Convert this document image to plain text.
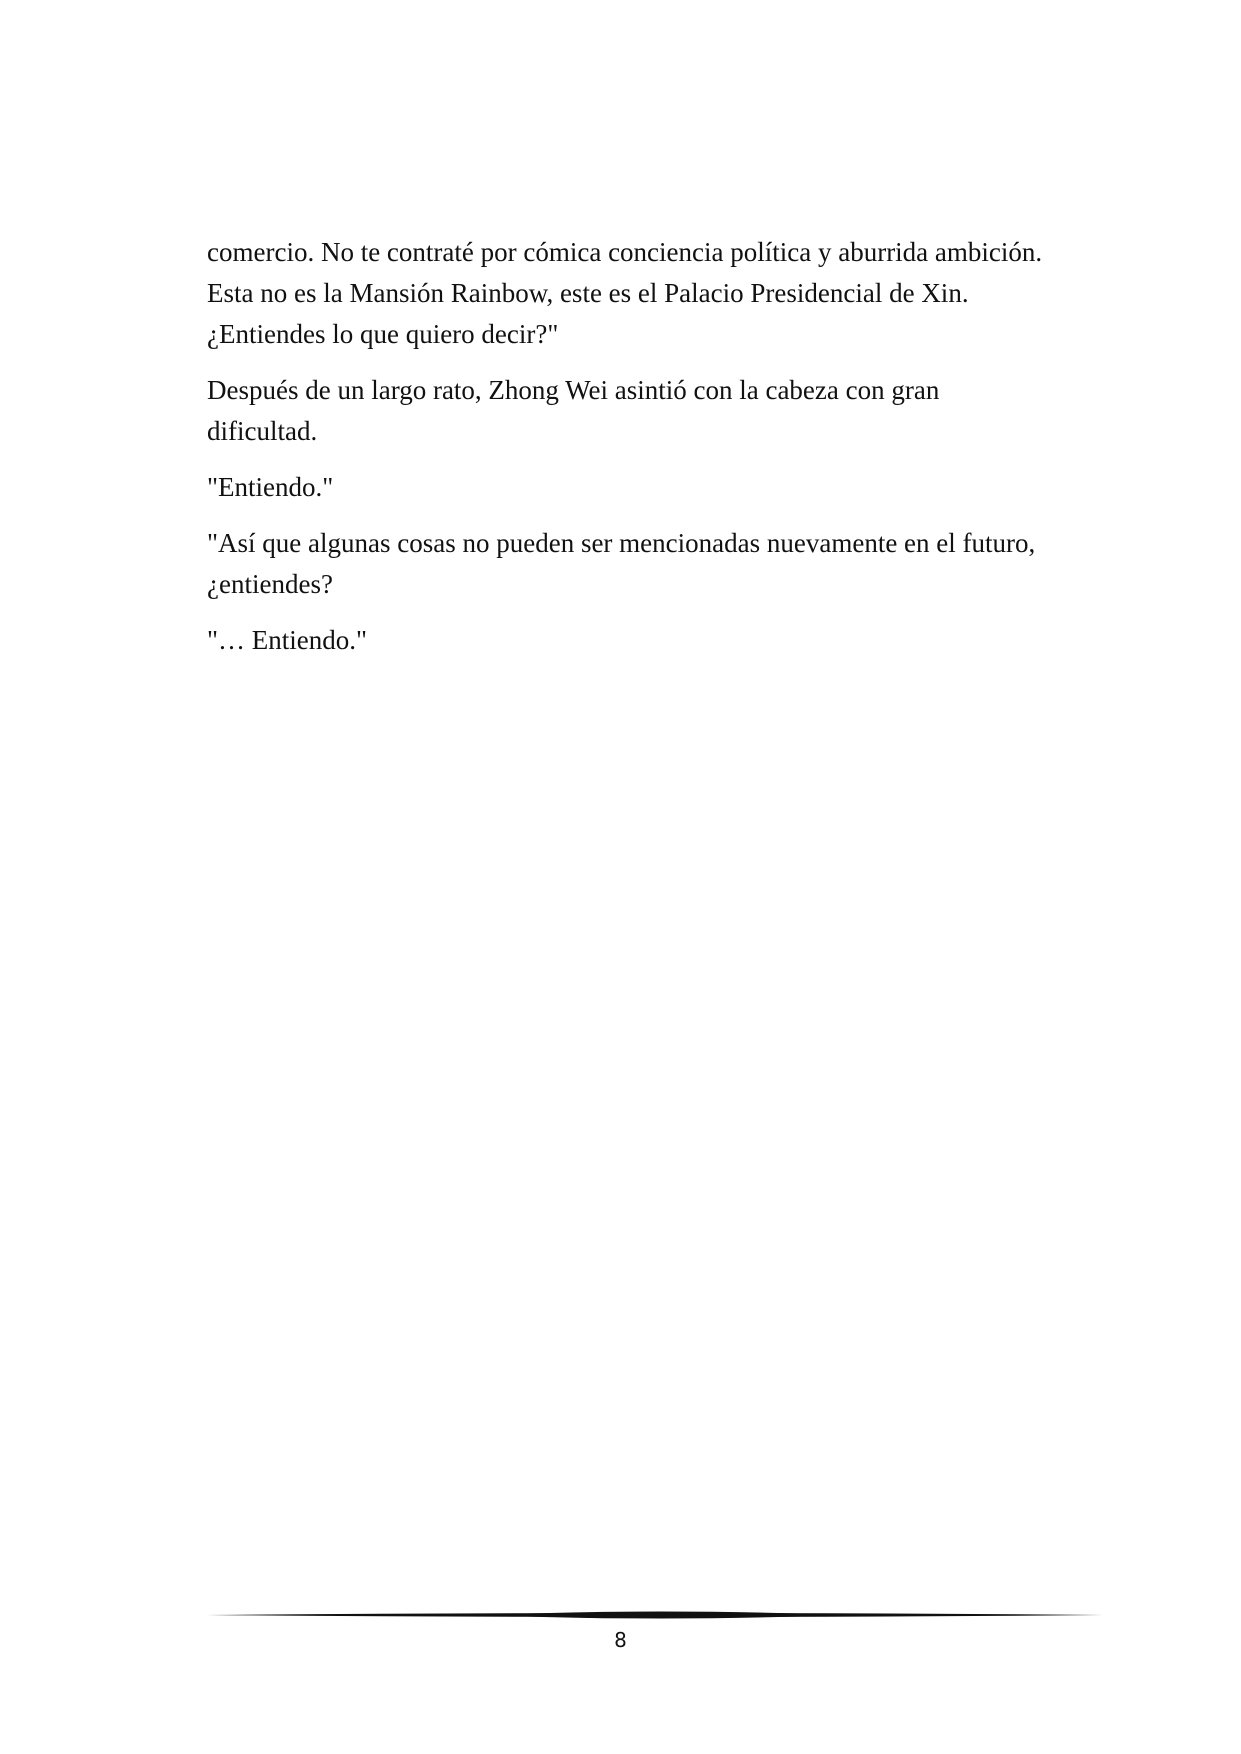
comercio. No te contraté por cómica conciencia política y aburrida ambición. Esta no es la Mansión Rainbow, este es el Palacio Presidencial de Xin. ¿Entiendes lo que quiero decir?"

Después de un largo rato, Zhong Wei asintió con la cabeza con gran dificultad.

"Entiendo."

"Así que algunas cosas no pueden ser mencionadas nuevamente en el futuro, ¿entiendes?

"… Entiendo."

8
